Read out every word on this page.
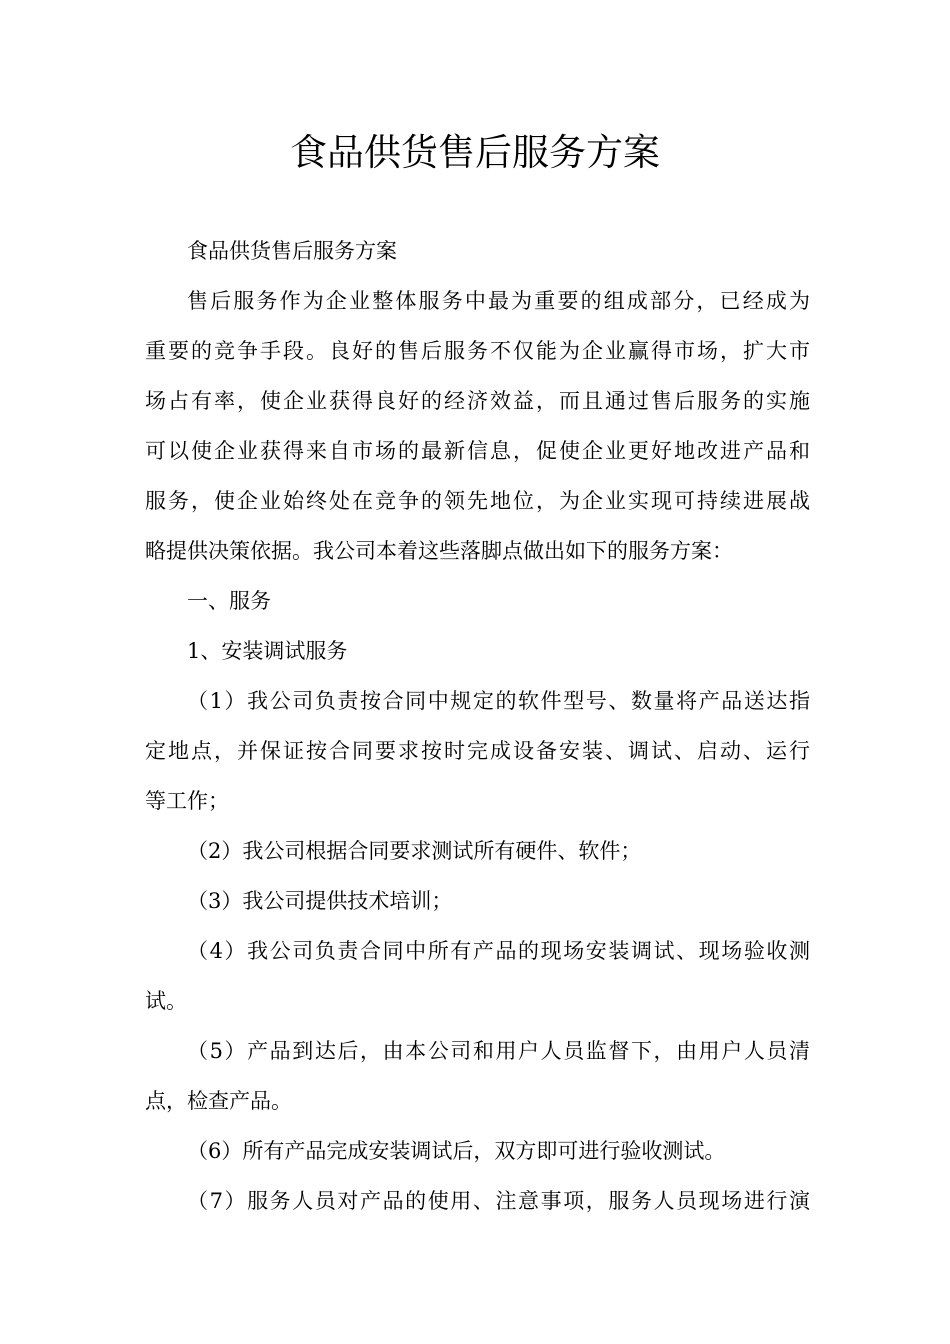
食品供货售后服务方案
食品供货售后服务方案
售后服务作为企业整体服务中最为重要的组成部分，已经成为
重要的竞争手段。良好的售后服务不仅能为企业赢得市场，扩大市
场占有率，使企业获得良好的经济效益，而且通过售后服务的实施
可以使企业获得来自市场的最新信息，促使企业更好地改进产品和
服务，使企业始终处在竞争的领先地位，为企业实现可持续进展战
略提供决策依据。我公司本着这些落脚点做出如下的服务方案：
一、服务
1、安装调试服务
（1）我公司负责按合同中规定的软件型号、数量将产品送达指
定地点，并保证按合同要求按时完成设备安装、调试、启动、运行
等工作；
（2）我公司根据合同要求测试所有硬件、软件；
（3）我公司提供技术培训；
（4）我公司负责合同中所有产品的现场安装调试、现场验收测
试。
（5）产品到达后，由本公司和用户人员监督下，由用户人员清
点，检查产品。
（6）所有产品完成安装调试后，双方即可进行验收测试。
（7）服务人员对产品的使用、注意事项，服务人员现场进行演
